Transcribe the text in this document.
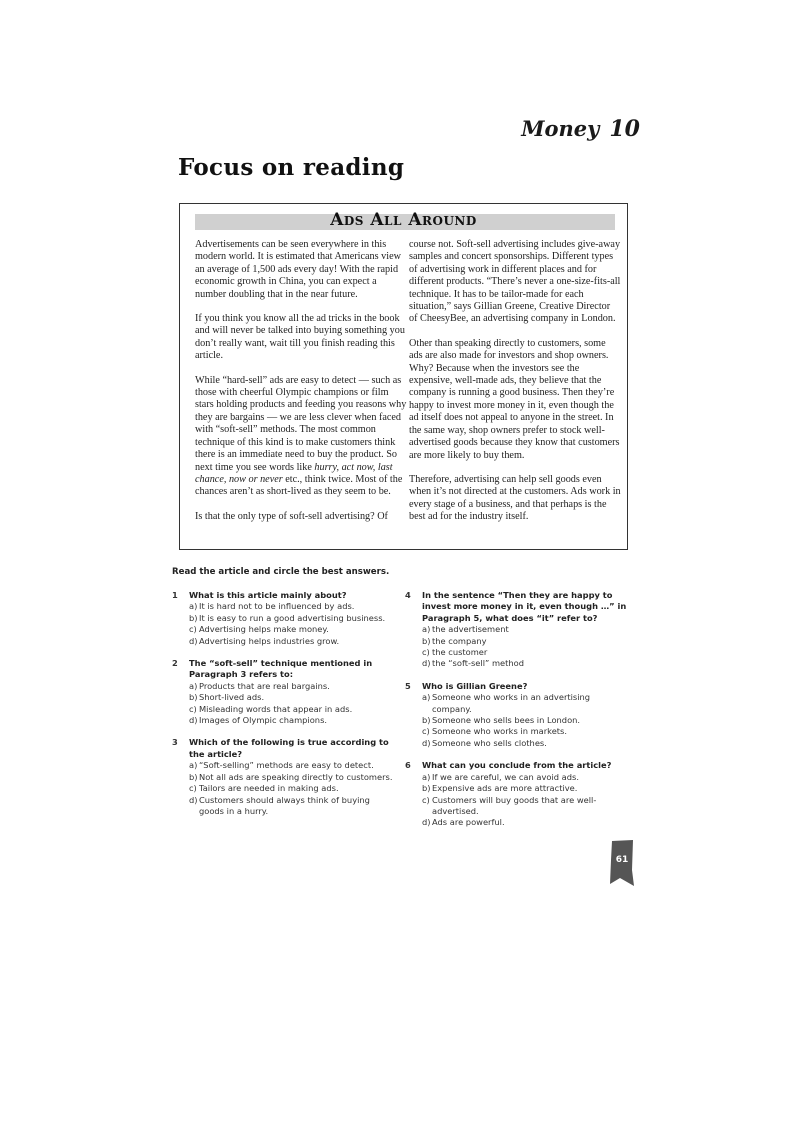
Money 10
Focus on reading
Ads All Around

Advertisements can be seen everywhere in this modern world. It is estimated that Americans view an average of 1,500 ads every day! With the rapid economic growth in China, you can expect a number doubling that in the near future.

If you think you know all the ad tricks in the book and will never be talked into buying something you don’t really want, wait till you finish reading this article.

While “hard-sell” ads are easy to detect — such as those with cheerful Olympic champions or film stars holding products and feeding you reasons why they are bargains — we are less clever when faced with “soft-sell” methods. The most common technique of this kind is to make customers think there is an immediate need to buy the product. So next time you see words like hurry, act now, last chance, now or never etc., think twice. Most of the chances aren’t as short-lived as they seem to be.

Is that the only type of soft-sell advertising? Of

course not. Soft-sell advertising includes give-away samples and concert sponsorships. Different types of advertising work in different places and for different products. “There’s never a one-size-fits-all technique. It has to be tailor-made for each situation,” says Gillian Greene, Creative Director of CheesyBee, an advertising company in London.

Other than speaking directly to customers, some ads are also made for investors and shop owners. Why? Because when the investors see the expensive, well-made ads, they believe that the company is running a good business. Then they’re happy to invest more money in it, even though the ad itself does not appeal to anyone in the street. In the same way, shop owners prefer to stock well-advertised goods because they know that customers are more likely to buy them.

Therefore, advertising can help sell goods even when it’s not directed at the customers. Ads work in every stage of a business, and that perhaps is the best ad for the industry itself.

Read the article and circle the best answers.
1	What is this article mainly about?
a) It is hard not to be influenced by ads.
b) It is easy to run a good advertising business.
c) Advertising helps make money.
d) Advertising helps industries grow.
2	The “soft-sell” technique mentioned in Paragraph 3 refers to:
a) Products that are real bargains.
b) Short-lived ads.
c) Misleading words that appear in ads.
d) Images of Olympic champions.
3	Which of the following is true according to the article?
a) “Soft-selling” methods are easy to detect.
b) Not all ads are speaking directly to customers.
c) Tailors are needed in making ads.
d) Customers should always think of buying goods in a hurry.
4	In the sentence “Then they are happy to invest more money in it, even though …” in Paragraph 5, what does “it” refer to?
a) the advertisement
b) the company
c) the customer
d) the “soft-sell” method
5	Who is Gillian Greene?
a) Someone who works in an advertising company.
b) Someone who sells bees in London.
c) Someone who works in markets.
d) Someone who sells clothes.
6	What can you conclude from the article?
a) If we are careful, we can avoid ads.
b) Expensive ads are more attractive.
c) Customers will buy goods that are well-advertised.
d) Ads are powerful.
61
